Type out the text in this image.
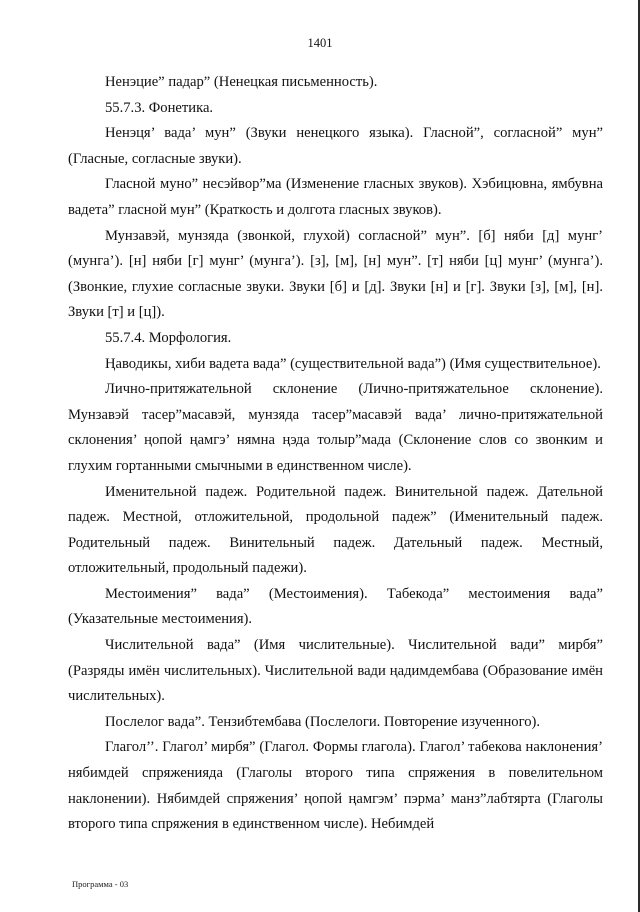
1401

Ненэцие” падар” (Ненецкая письменность).

55.7.3. Фонетика.

Ненэця’ вада’ мун” (Звуки ненецкого языка). Гласной”, согласной” мун” (Гласные, согласные звуки).

Гласной муно” несэйвор”ма (Изменение гласных звуков). Хэбицювна, ямбувна вадета” гласной мун” (Краткость и долгота гласных звуков).

Мунзавэй, мунзяда (звонкой, глухой) согласной” мун”. [б] няби [д] мунг’ (мунга’). [н] няби [г] мунг’ (мунга’). [з], [м], [н] мун”. [т] няби [ц] мунг’ (мунга’). (Звонкие, глухие согласные звуки. Звуки [б] и [д]. Звуки [н] и [г]. Звуки [з], [м], [н]. Звуки [т] и [ц]).

55.7.4. Морфология.

Ңаводикы, хиби вадета вада” (существительной вада”) (Имя существительное).

Лично-притяжательной склонение (Лично-притяжательное склонение). Мунзавэй тасер”масавэй, мунзяда тасер”масавэй вада’ лично-притяжательной склонения’ ңопой ңамгэ’ нямна ңэда толыр”мада (Склонение слов со звонким и глухим гортанными смычными в единственном числе).

Именительной падеж. Родительной падеж. Винительной падеж. Дательной падеж. Местной, отложительной, продольной падеж” (Именительный падеж. Родительный падеж. Винительный падеж. Дательный падеж. Местный, отложительный, продольный падежи).

Местоимения” вада” (Местоимения). Табекода” местоимения вада” (Указательные местоимения).

Числительной вада” (Имя числительные). Числительной вади” мирбя” (Разряды имён числительных). Числительной вади ңадимдембава (Образование имён числительных).

Послелог вада”. Тензибтембава (Послелоги. Повторение изученного).

Глагол’’. Глагол’ мирбя” (Глагол. Формы глагола). Глагол’ табекова наклонения’ нябимдей спряженияда (Глаголы второго типа спряжения в повелительном наклонении). Нябимдей спряжения’ ңопой ңамгэм’ пэрма’ манз”лабтярта (Глаголы второго типа спряжения в единственном числе). Небимдей

Программа - 03
